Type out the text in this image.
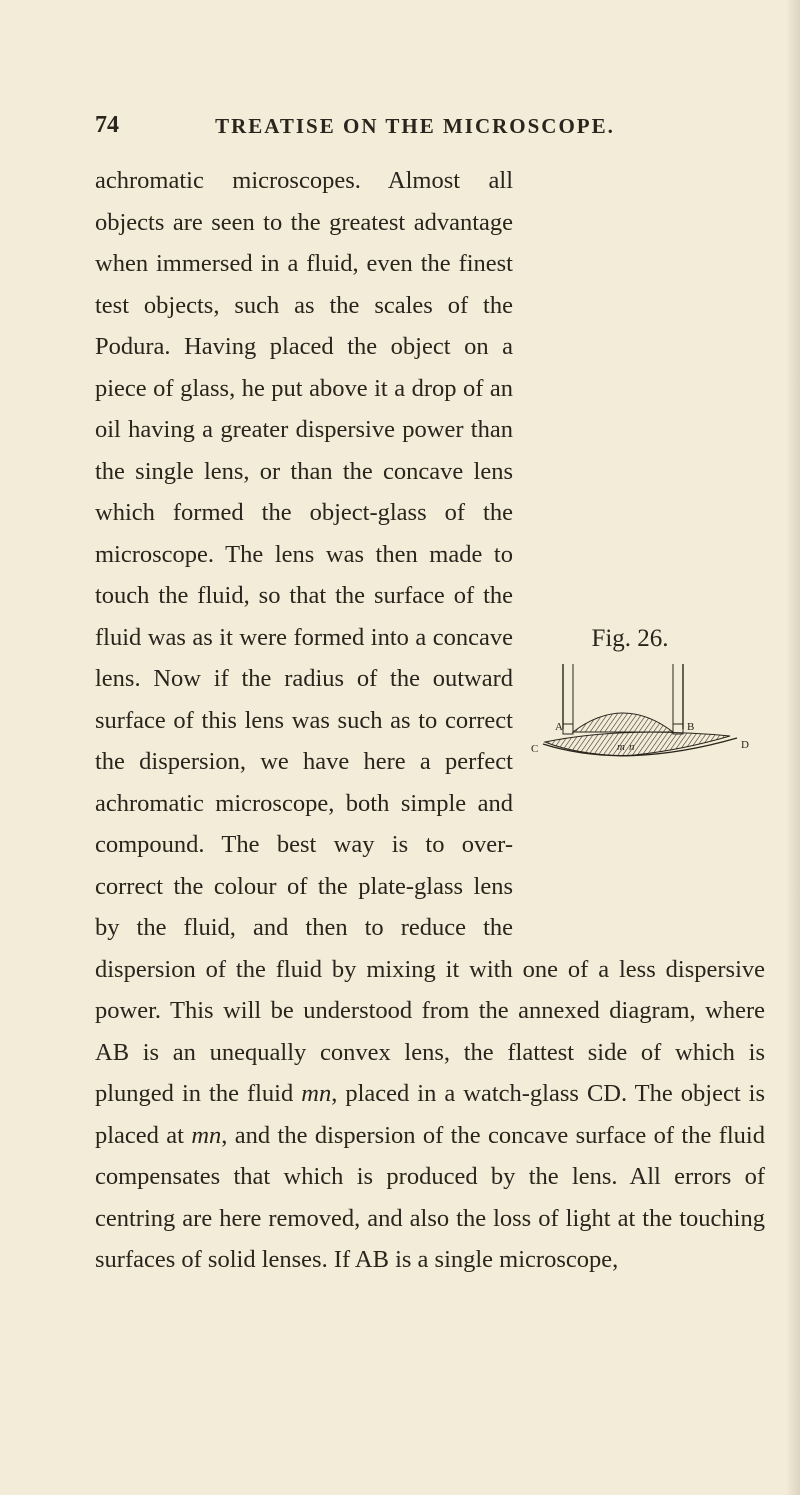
74	TREATISE ON THE MICROSCOPE.
Fig. 26.
A	B
C	D
m n

achromatic microscopes. Almost all objects are seen to the greatest advantage when immersed in a fluid, even the finest test objects, such as the scales of the Podura. Having placed the object on a piece of glass, he put above it a drop of an oil having a greater dispersive power than the single lens, or than the concave lens which formed the object-glass of the microscope. The lens was then made to touch the fluid, so that the surface of the fluid was as it were formed into a concave lens. Now if the radius of the outward surface of this lens was such as to correct the dispersion, we have here a perfect achromatic microscope, both simple and compound. The best way is to over-correct the colour of the plate-glass lens by the fluid, and then to reduce the dispersion of the fluid by mixing it with one of a less dispersive power. This will be understood from the annexed diagram, where AB is an unequally convex lens, the flattest side of which is plunged in the fluid mn, placed in a watch-glass CD. The object is placed at mn, and the dispersion of the concave surface of the fluid compensates that which is produced by the lens. All errors of centring are here removed, and also the loss of light at the touching surfaces of solid lenses. If AB is a single microscope,
